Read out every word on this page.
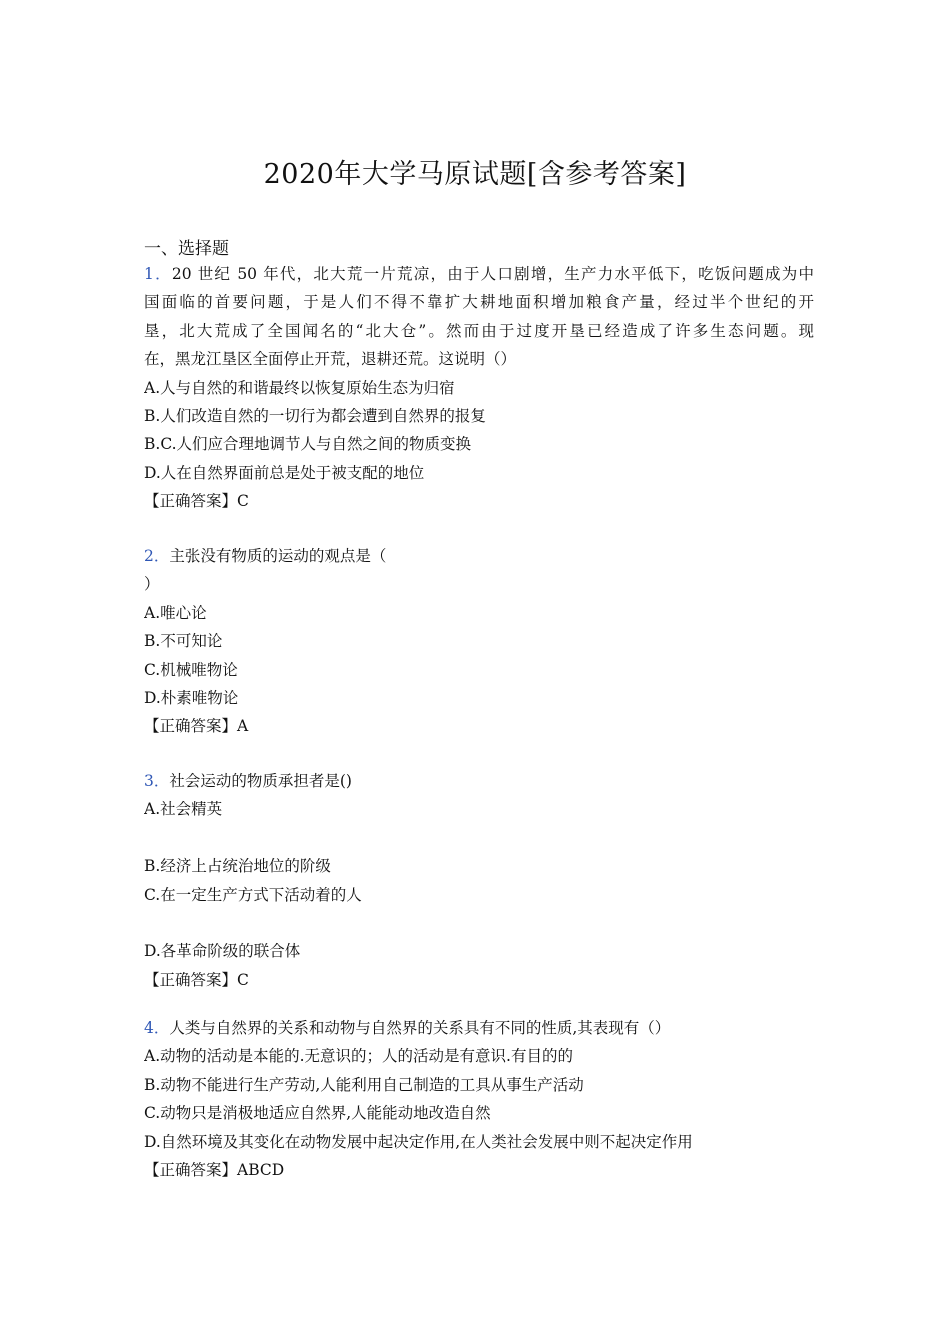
2020年大学马原试题[含参考答案]
一、选择题
1．20 世纪 50 年代，北大荒一片荒凉，由于人口剧增，生产力水平低下，吃饭问题成为中
国面临的首要问题，于是人们不得不靠扩大耕地面积增加粮食产量，经过半个世纪的开
垦，北大荒成了全国闻名的“北大仓”。然而由于过度开垦已经造成了许多生态问题。现
在，黑龙江垦区全面停止开荒，退耕还荒。这说明（）
A.人与自然的和谐最终以恢复原始生态为归宿
B.人们改造自然的一切行为都会遭到自然界的报复
B.C.人们应合理地调节人与自然之间的物质变换
D.人在自然界面前总是处于被支配的地位
【正确答案】C
2．主张没有物质的运动的观点是（
）
A.唯心论
B.不可知论
C.机械唯物论
D.朴素唯物论
【正确答案】A
3．社会运动的物质承担者是()
A.社会精英
B.经济上占统治地位的阶级
C.在一定生产方式下活动着的人
D.各革命阶级的联合体
【正确答案】C
4．人类与自然界的关系和动物与自然界的关系具有不同的性质,其表现有（）
A.动物的活动是本能的.无意识的；人的活动是有意识.有目的的
B.动物不能进行生产劳动,人能利用自己制造的工具从事生产活动
C.动物只是消极地适应自然界,人能能动地改造自然
D.自然环境及其变化在动物发展中起决定作用,在人类社会发展中则不起决定作用
【正确答案】ABCD
